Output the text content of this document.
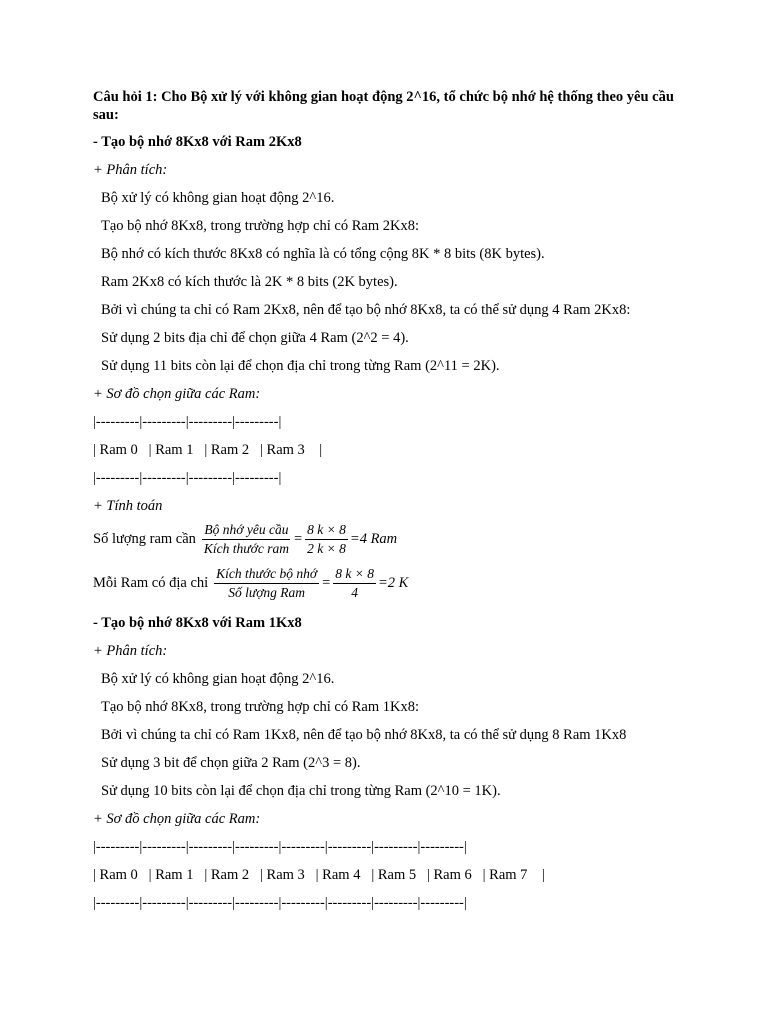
Câu hỏi 1: Cho Bộ xử lý với không gian hoạt động 2^16, tổ chức bộ nhớ hệ thống theo yêu cầu sau:
- Tạo bộ nhớ 8Kx8 với Ram 2Kx8
+ Phân tích:
Bộ xử lý có không gian hoạt động 2^16.
Tạo bộ nhớ 8Kx8, trong trường hợp chỉ có Ram 2Kx8:
Bộ nhớ có kích thước 8Kx8 có nghĩa là có tổng cộng 8K * 8 bits (8K bytes).
Ram 2Kx8 có kích thước là 2K * 8 bits (2K bytes).
Bởi vì chúng ta chỉ có Ram 2Kx8, nên để tạo bộ nhớ 8Kx8, ta có thể sử dụng 4 Ram 2Kx8:
Sử dụng 2 bits địa chỉ để chọn giữa 4 Ram (2^2 = 4).
Sử dụng 11 bits còn lại để chọn địa chỉ trong từng Ram (2^11 = 2K).
+ Sơ đồ chọn giữa các Ram:
|---------|---------|---------|---------|
| Ram 0   | Ram 1   | Ram 2   | Ram 3    |
|---------|---------|---------|---------|
+ Tính toán
Số lượng ram cần $\frac{\text{Bộ nhớ yêu cầu}}{\text{Kích thước ram}} = \frac{8 k \times 8}{2 k \times 8} =4$ Ram
Mỗi Ram có địa chỉ $\frac{\text{Kích thước bộ nhớ}}{\text{Số lượng Ram}} = \frac{8 k \times 8}{4} =2$ K
- Tạo bộ nhớ 8Kx8 với Ram 1Kx8
+ Phân tích:
Bộ xử lý có không gian hoạt động 2^16.
Tạo bộ nhớ 8Kx8, trong trường hợp chỉ có Ram 1Kx8:
Bởi vì chúng ta chỉ có Ram 1Kx8, nên để tạo bộ nhớ 8Kx8, ta có thể sử dụng 8 Ram 1Kx8
Sử dụng 3 bit để chọn giữa 2 Ram (2^3 = 8).
Sử dụng 10 bits còn lại để chọn địa chỉ trong từng Ram (2^10 = 1K).
+ Sơ đồ chọn giữa các Ram:
|---------|---------|---------|---------|---------|---------|---------|---------|
| Ram 0   | Ram 1   | Ram 2   | Ram 3   | Ram 4   | Ram 5   | Ram 6   | Ram 7    |
|---------|---------|---------|---------|---------|---------|---------|---------|
